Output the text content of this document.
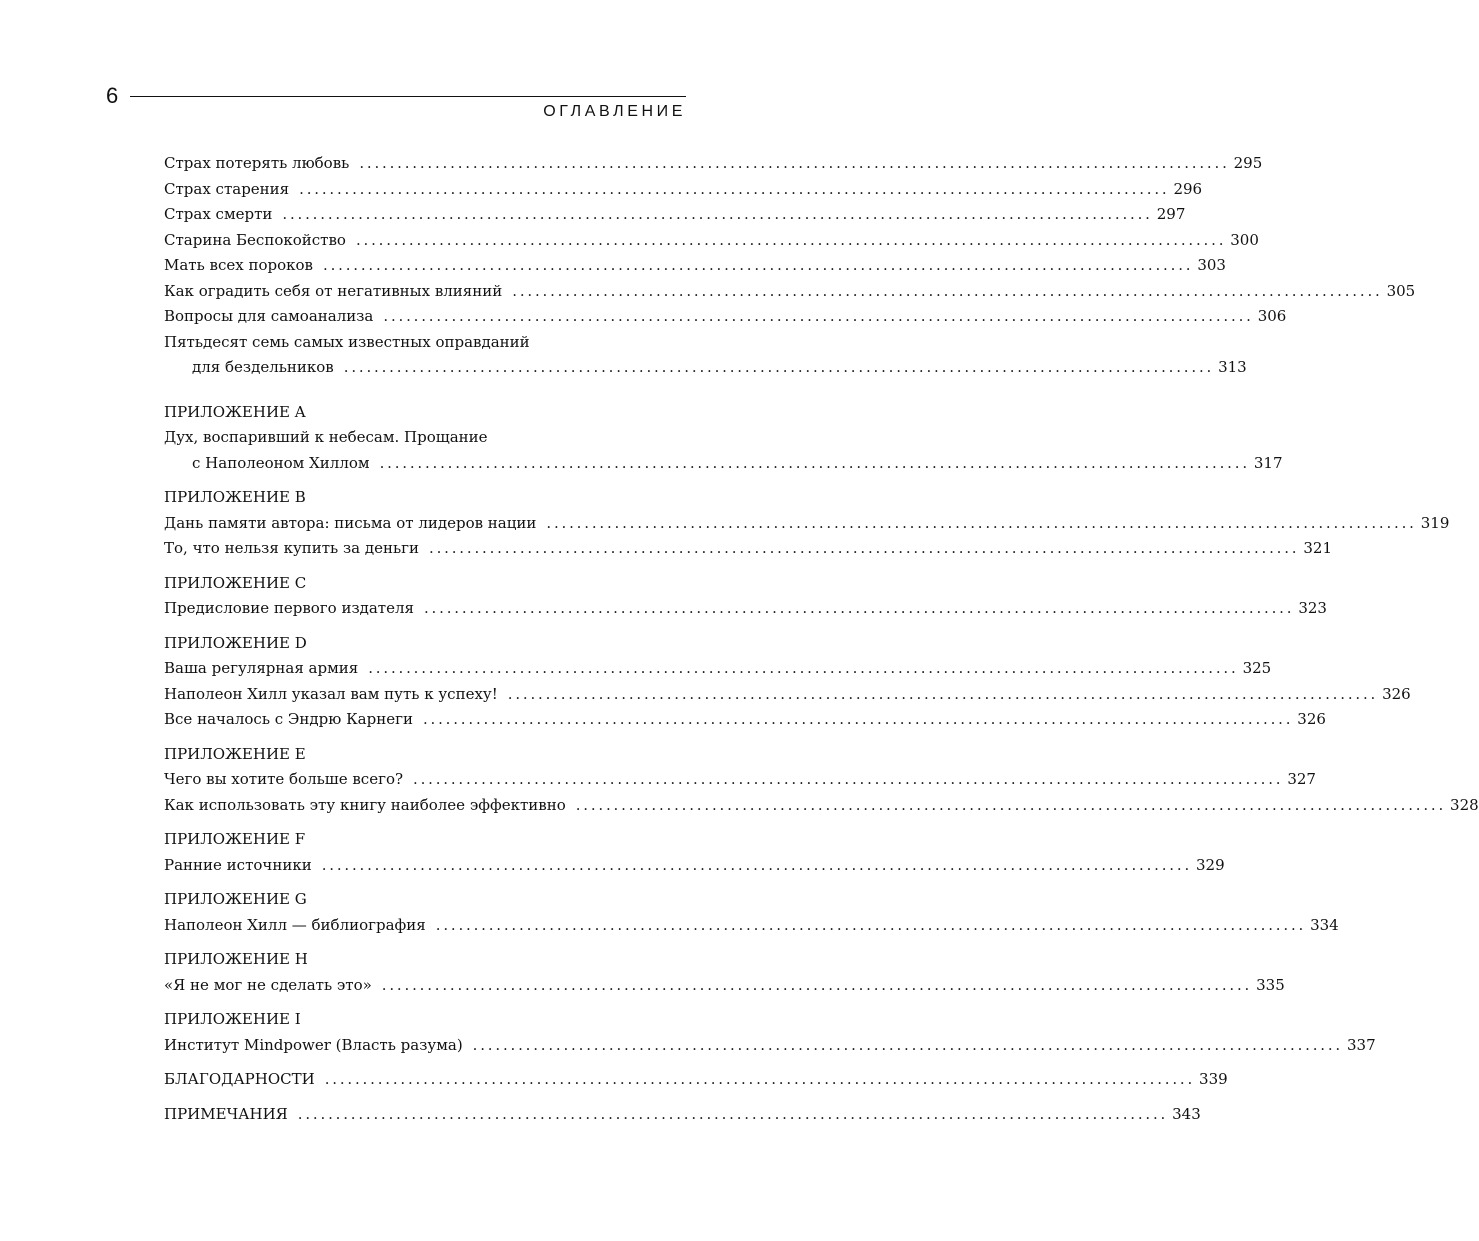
6
ОГЛАВЛЕНИЕ
Страх потерять любовь ................................................................................................................... 295
Страх старения ................................................................................................................... 296
Страх смерти ................................................................................................................... 297
Старина Беспокойство ................................................................................................................... 300
Мать всех пороков ................................................................................................................... 303
Как оградить себя от негативных влияний ................................................................................................................... 305
Вопросы для самоанализа ................................................................................................................... 306
Пятьдесят семь самых известных оправданий
для бездельников ................................................................................................................... 313
ПРИЛОЖЕНИЕ A
Дух, воспаривший к небесам. Прощание
с Наполеоном Хиллом ................................................................................................................... 317
ПРИЛОЖЕНИЕ B
Дань памяти автора: письма от лидеров нации ................................................................................................................... 319
То, что нельзя купить за деньги ................................................................................................................... 321
ПРИЛОЖЕНИЕ C
Предисловие первого издателя ................................................................................................................... 323
ПРИЛОЖЕНИЕ D
Ваша регулярная армия ................................................................................................................... 325
Наполеон Хилл указал вам путь к успеху! ................................................................................................................... 326
Все началось с Эндрю Карнеги ................................................................................................................... 326
ПРИЛОЖЕНИЕ E
Чего вы хотите больше всего? ................................................................................................................... 327
Как использовать эту книгу наиболее эффективно ................................................................................................................... 328
ПРИЛОЖЕНИЕ F
Ранние источники ................................................................................................................... 329
ПРИЛОЖЕНИЕ G
Наполеон Хилл — библиография ................................................................................................................... 334
ПРИЛОЖЕНИЕ H
«Я не мог не сделать это» ................................................................................................................... 335
ПРИЛОЖЕНИЕ I
Институт Mindpower (Власть разума) ................................................................................................................... 337
БЛАГОДАРНОСТИ ................................................................................................................... 339
ПРИМЕЧАНИЯ ................................................................................................................... 343
